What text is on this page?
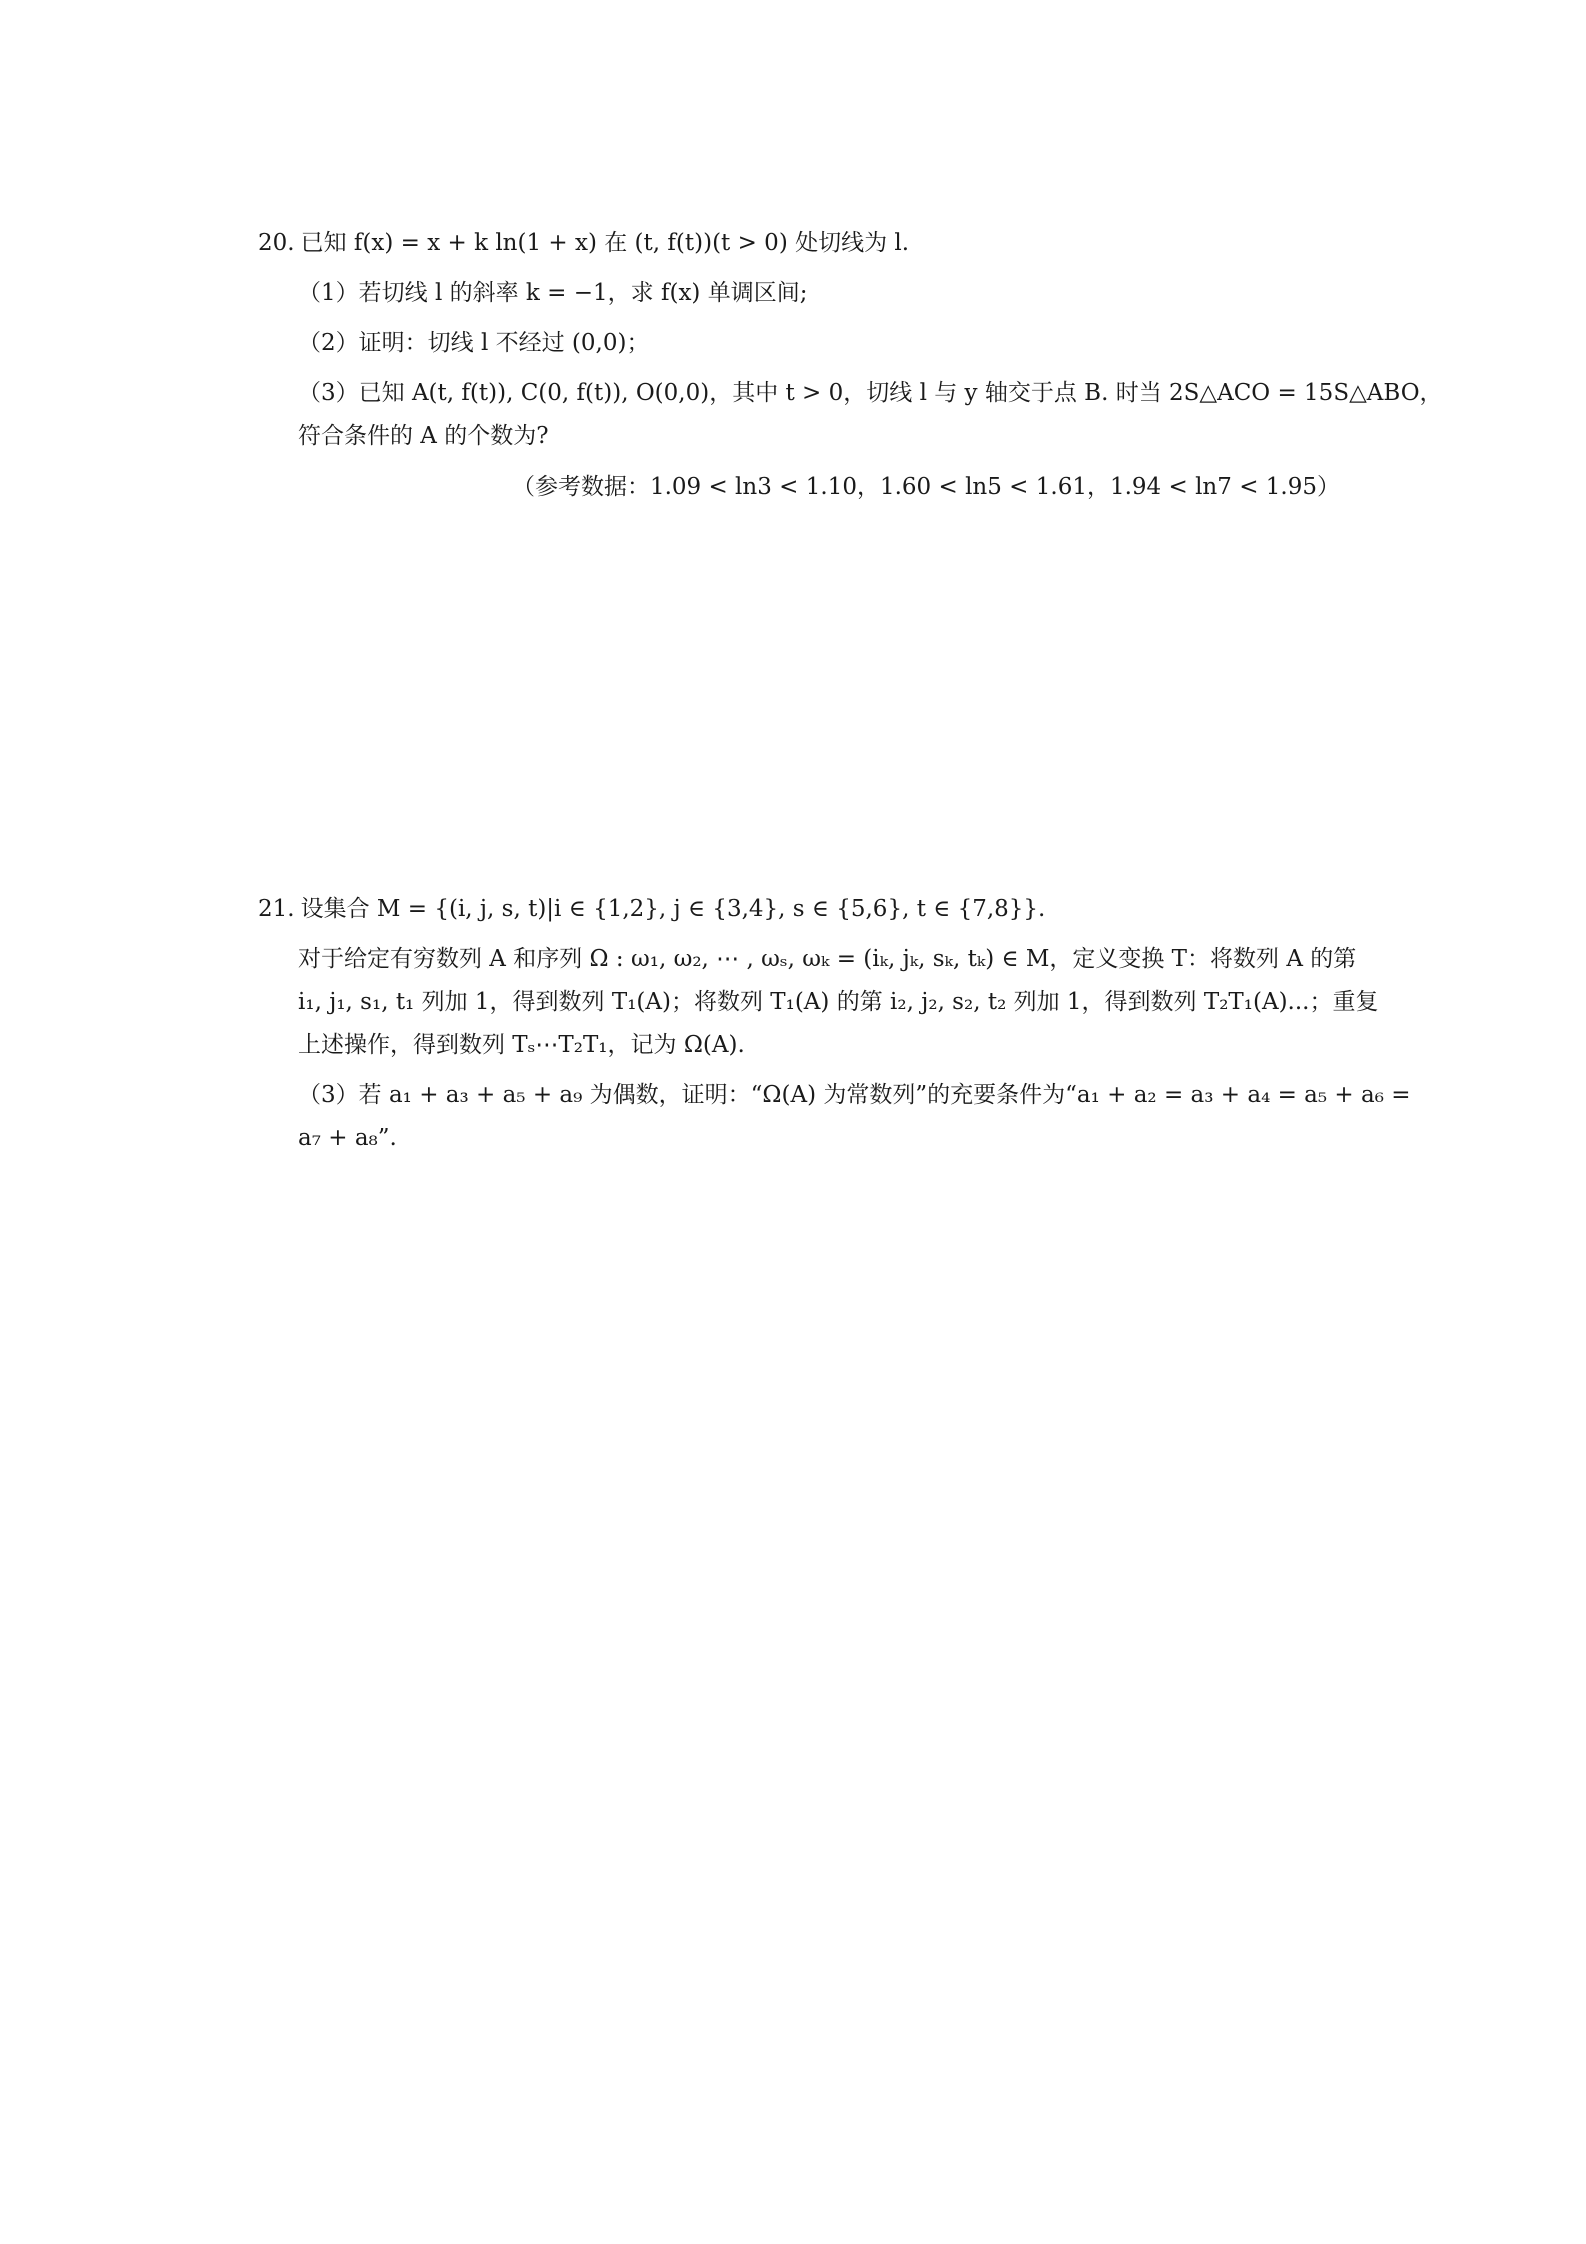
20. 已知 f(x) = x + k ln(1 + x) 在 (t, f(t))(t > 0) 处切线为 l.

（1）若切线 l 的斜率 k = −1，求 f(x) 单调区间;

（2）证明：切线 l 不经过 (0,0)；

（3）已知 A(t, f(t)), C(0, f(t)), O(0,0)，其中 t > 0，切线 l 与 y 轴交于点 B. 时当 2S△ACO = 15S△ABO，

符合条件的 A 的个数为?

（参考数据：1.09 < ln3 < 1.10，1.60 < ln5 < 1.61，1.94 < ln7 < 1.95）

21. 设集合 M = {(i, j, s, t)|i ∈ {1,2}, j ∈ {3,4}, s ∈ {5,6}, t ∈ {7,8}}.

对于给定有穷数列 A 和序列 Ω : ω₁, ω₂, ⋯ , ωₛ, ωₖ = (iₖ, jₖ, sₖ, tₖ) ∈ M，定义变换 T：将数列 A 的第

i₁, j₁, s₁, t₁ 列加 1，得到数列 T₁(A)；将数列 T₁(A) 的第 i₂, j₂, s₂, t₂ 列加 1，得到数列 T₂T₁(A)...；重复

上述操作，得到数列 Tₛ⋯T₂T₁，记为 Ω(A).

（3）若 a₁ + a₃ + a₅ + a₉ 为偶数，证明：“Ω(A) 为常数列”的充要条件为“a₁ + a₂ = a₃ + a₄ = a₅ + a₆ =

a₇ + a₈”.
